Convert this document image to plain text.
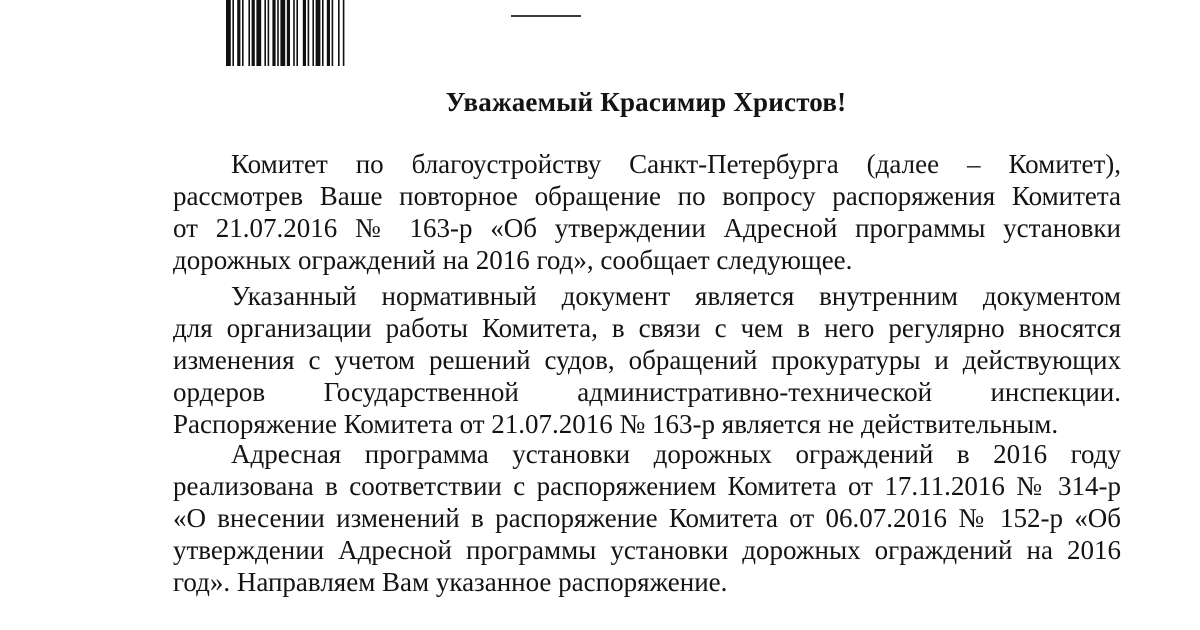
Уважаемый Красимир Христов!
Комитет по благоустройству Санкт-Петербурга (далее – Комитет),
рассмотрев Ваше повторное обращение по вопросу распоряжения Комитета
от 21.07.2016 № 163-р «Об утверждении Адресной программы установки
дорожных ограждений на 2016 год», сообщает следующее.
Указанный нормативный документ является внутренним документом
для организации работы Комитета, в связи с чем в него регулярно вносятся
изменения с учетом решений судов, обращений прокуратуры и действующих
ордеров Государственной административно-технической инспекции.
Распоряжение Комитета от 21.07.2016 № 163-р является не действительным.
Адресная программа установки дорожных ограждений в 2016 году
реализована в соответствии с распоряжением Комитета от 17.11.2016 № 314-р
«О внесении изменений в распоряжение Комитета от 06.07.2016 № 152-р «Об
утверждении Адресной программы установки дорожных ограждений на 2016
год». Направляем Вам указанное распоряжение.
